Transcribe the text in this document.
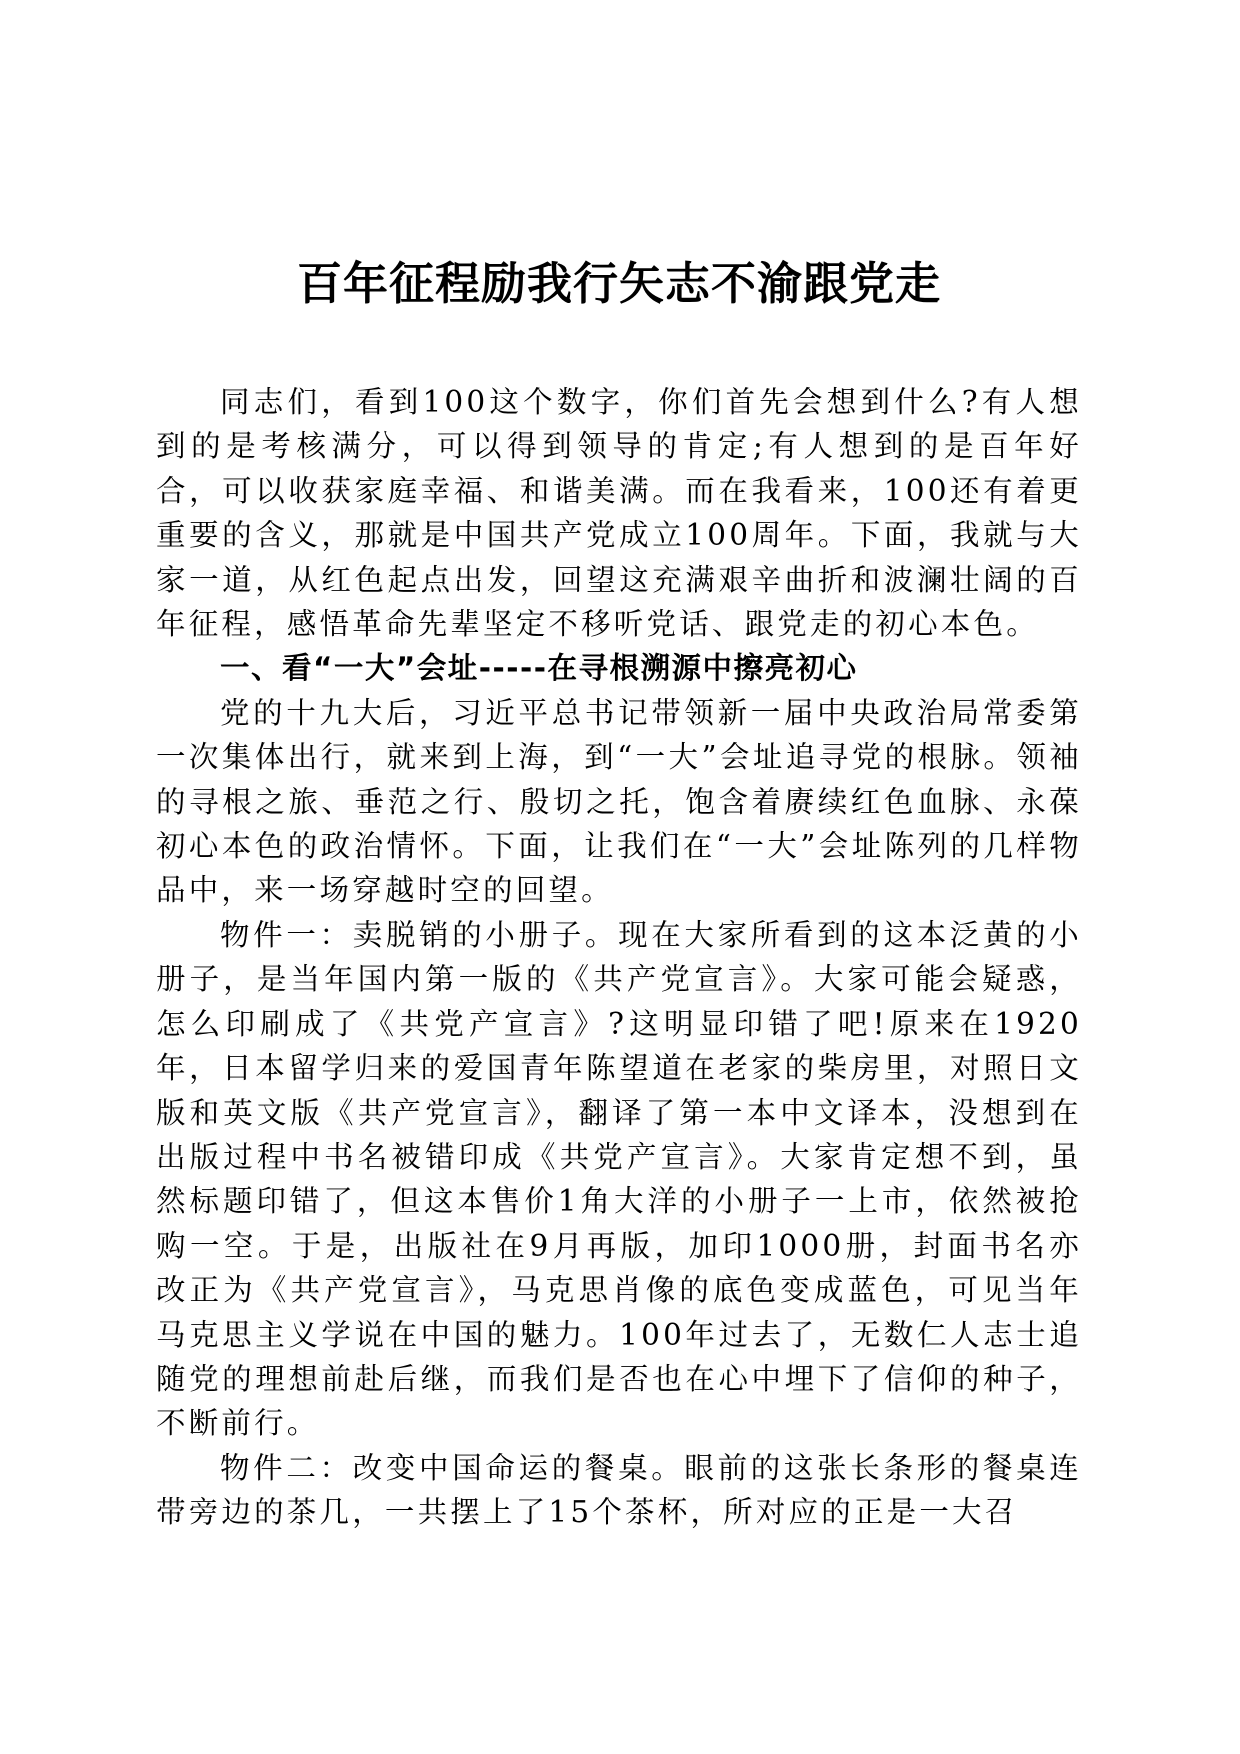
百年征程励我行矢志不渝跟党走

同志们，看到100这个数字，你们首先会想到什么?有人想到的是考核满分，可以得到领导的肯定;有人想到的是百年好合，可以收获家庭幸福、和谐美满。而在我看来，100还有着更重要的含义，那就是中国共产党成立100周年。下面，我就与大家一道，从红色起点出发，回望这充满艰辛曲折和波澜壮阔的百年征程，感悟革命先辈坚定不移听党话、跟党走的初心本色。

一、看“一大”会址-----在寻根溯源中擦亮初心

党的十九大后，习近平总书记带领新一届中央政治局常委第一次集体出行，就来到上海，到“一大”会址追寻党的根脉。领袖的寻根之旅、垂范之行、殷切之托，饱含着赓续红色血脉、永葆初心本色的政治情怀。下面，让我们在“一大”会址陈列的几样物品中，来一场穿越时空的回望。

物件一：卖脱销的小册子。现在大家所看到的这本泛黄的小册子，是当年国内第一版的《共产党宣言》。大家可能会疑惑，怎么印刷成了《共党产宣言》?这明显印错了吧!原来在1920年，日本留学归来的爱国青年陈望道在老家的柴房里，对照日文版和英文版《共产党宣言》，翻译了第一本中文译本，没想到在出版过程中书名被错印成《共党产宣言》。大家肯定想不到，虽然标题印错了，但这本售价1角大洋的小册子一上市，依然被抢购一空。于是，出版社在9月再版，加印1000册，封面书名亦改正为《共产党宣言》，马克思肖像的底色变成蓝色，可见当年马克思主义学说在中国的魅力。100年过去了，无数仁人志士追随党的理想前赴后继，而我们是否也在心中埋下了信仰的种子，不断前行。

物件二：改变中国命运的餐桌。眼前的这张长条形的餐桌连带旁边的茶几，一共摆上了15个茶杯，所对应的正是一大召
